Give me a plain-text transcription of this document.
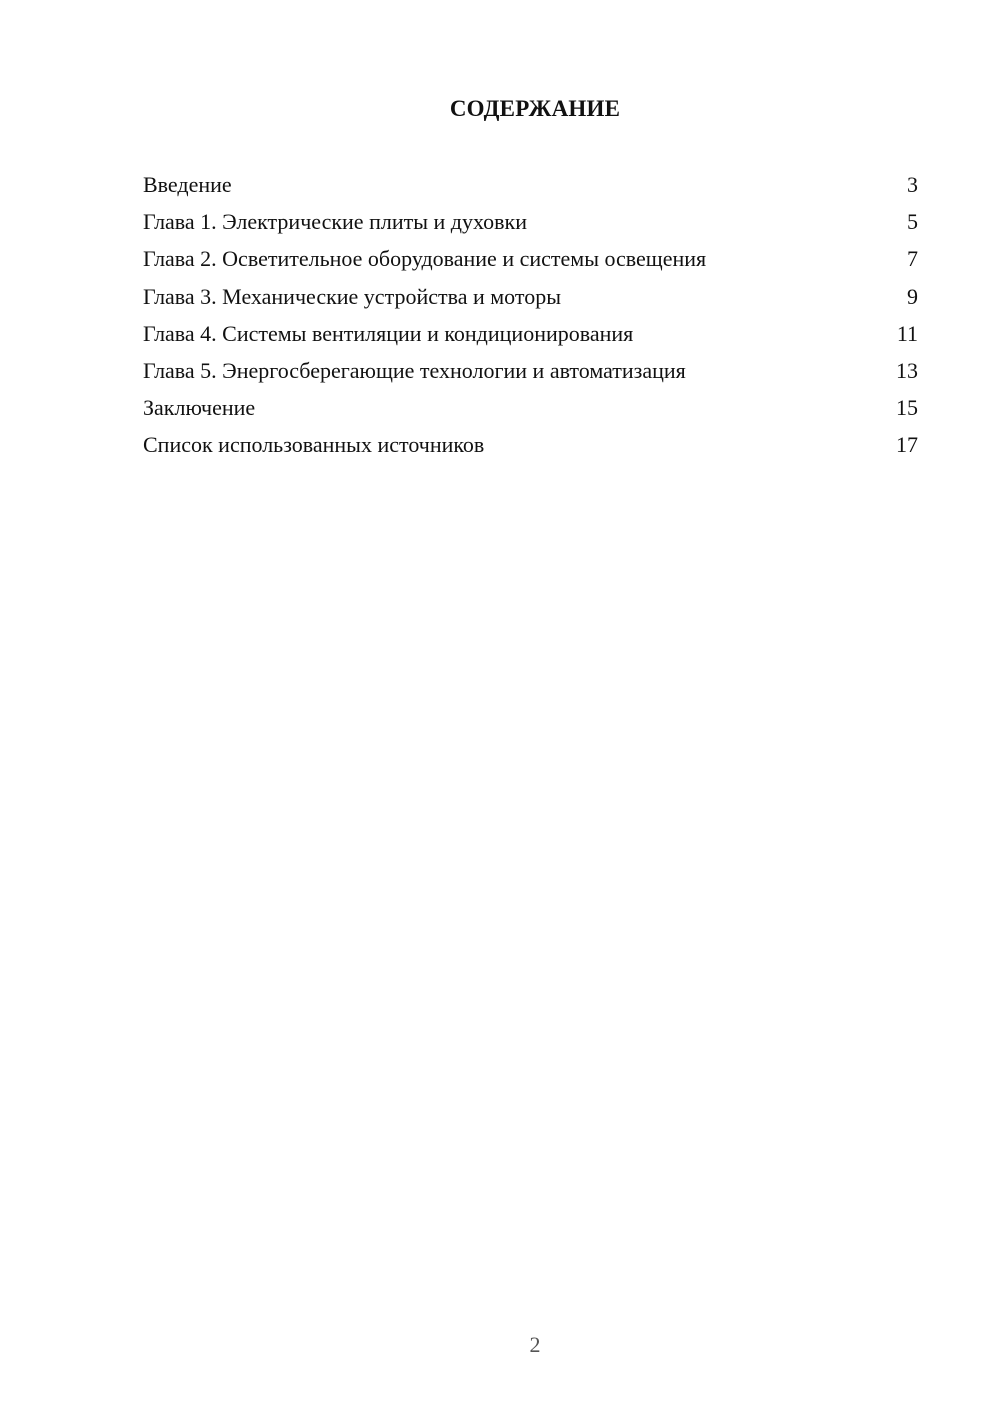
СОДЕРЖАНИЕ
Введение	3
Глава 1. Электрические плиты и духовки	5
Глава 2. Осветительное оборудование и системы освещения	7
Глава 3. Механические устройства и моторы	9
Глава 4. Системы вентиляции и кондиционирования	11
Глава 5. Энергосберегающие технологии и автоматизация	13
Заключение	15
Список использованных источников	17
2
